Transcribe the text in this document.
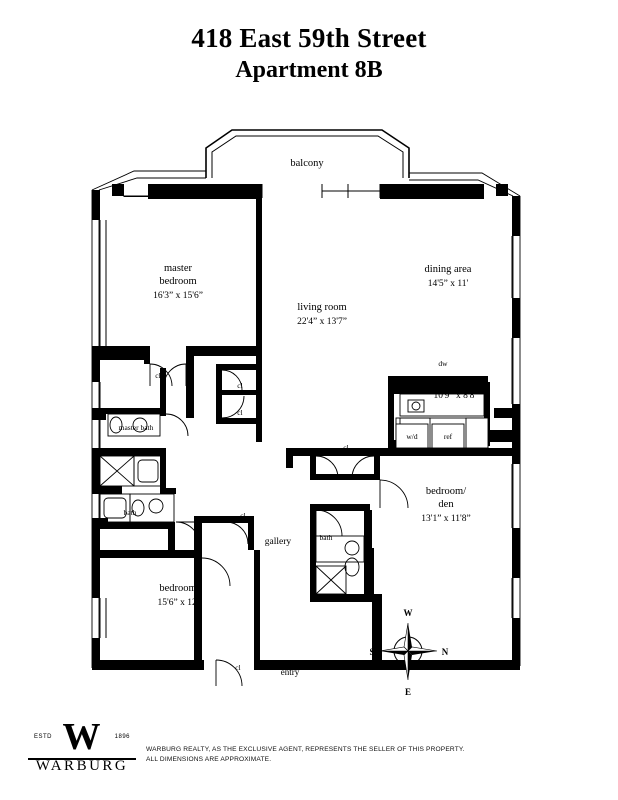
418 East 59th Street
Apartment 8B
balcony
master
bedroom
16'3” x 15'6”
living room
22'4” x 13'7”
dining area
14'5” x 11'
kitchen
10'9” x 8'8”
bedroom/
den
13'1” x 11'8”
bedroom
15'6” x 12'
master bath
bath
bath
gallery
entry
cl
cl
cl
cl
cl
cl
dw
w/d	ref
W
E
S	N
ESTD	1896
W
WARBURG
WARBURG REALTY, AS THE EXCLUSIVE AGENT, REPRESENTS THE SELLER OF THIS PROPERTY.
ALL DIMENSIONS ARE APPROXIMATE.
